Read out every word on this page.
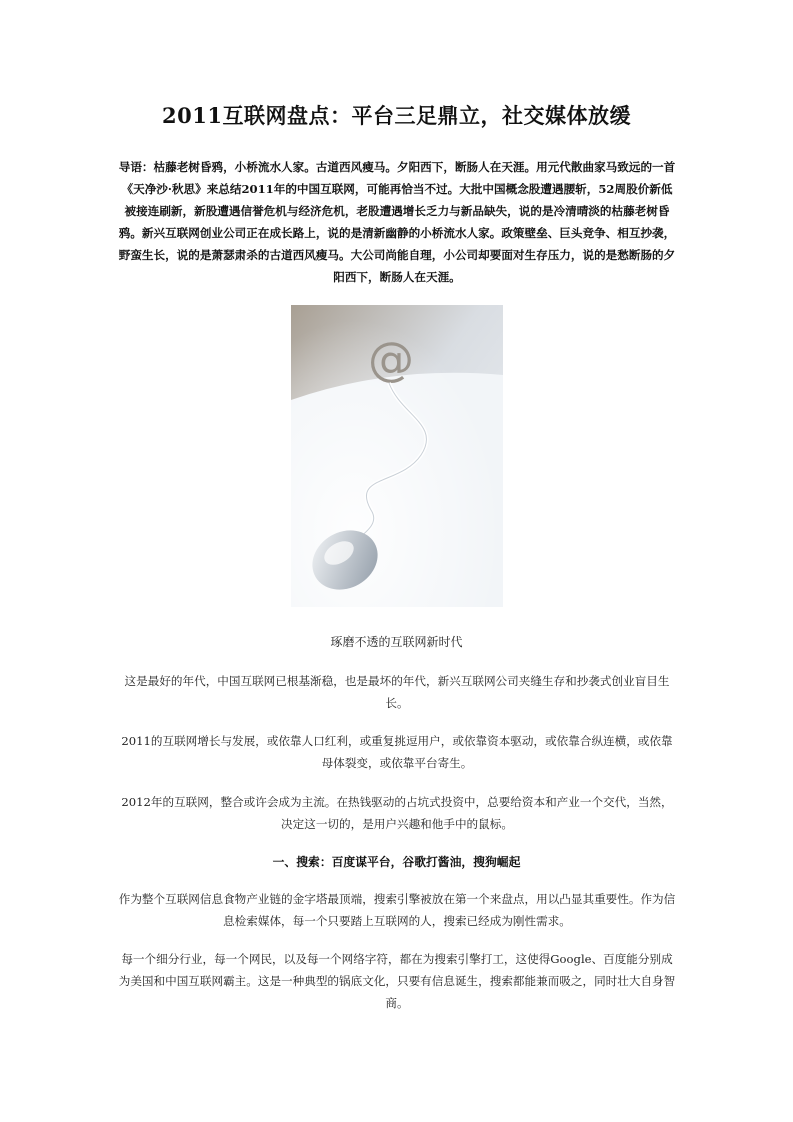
2011互联网盘点：平台三足鼎立，社交媒体放缓
导语：枯藤老树昏鸦，小桥流水人家。古道西风瘦马。夕阳西下，断肠人在天涯。用元代散曲家马致远的一首《天净沙·秋思》来总结2011年的中国互联网，可能再恰当不过。大批中国概念股遭遇腰斩，52周股价新低被接连刷新，新股遭遇信誉危机与经济危机，老股遭遇增长乏力与新品缺失，说的是冷清晴淡的枯藤老树昏鸦。新兴互联网创业公司正在成长路上，说的是清新幽静的小桥流水人家。政策壁垒、巨头竞争、相互抄袭，野蛮生长，说的是萧瑟肃杀的古道西风瘦马。大公司尚能自理，小公司却要面对生存压力，说的是愁断肠的夕阳西下，断肠人在天涯。
@
琢磨不透的互联网新时代
这是最好的年代，中国互联网已根基渐稳，也是最坏的年代，新兴互联网公司夹缝生存和抄袭式创业盲目生长。
2011的互联网增长与发展，或依靠人口红利，或重复挑逗用户，或依靠资本驱动，或依靠合纵连横，或依靠母体裂变，或依靠平台寄生。
2012年的互联网，整合或许会成为主流。在热钱驱动的占坑式投资中，总要给资本和产业一个交代，当然，决定这一切的，是用户兴趣和他手中的鼠标。
一、搜索：百度谋平台，谷歌打酱油，搜狗崛起
作为整个互联网信息食物产业链的金字塔最顶端，搜索引擎被放在第一个来盘点，用以凸显其重要性。作为信息检索媒体，每一个只要踏上互联网的人，搜索已经成为刚性需求。
每一个细分行业，每一个网民，以及每一个网络字符，都在为搜索引擎打工，这使得Google、百度能分别成为美国和中国互联网霸主。这是一种典型的锅底文化，只要有信息诞生，搜索都能兼而吸之，同时壮大自身智商。
